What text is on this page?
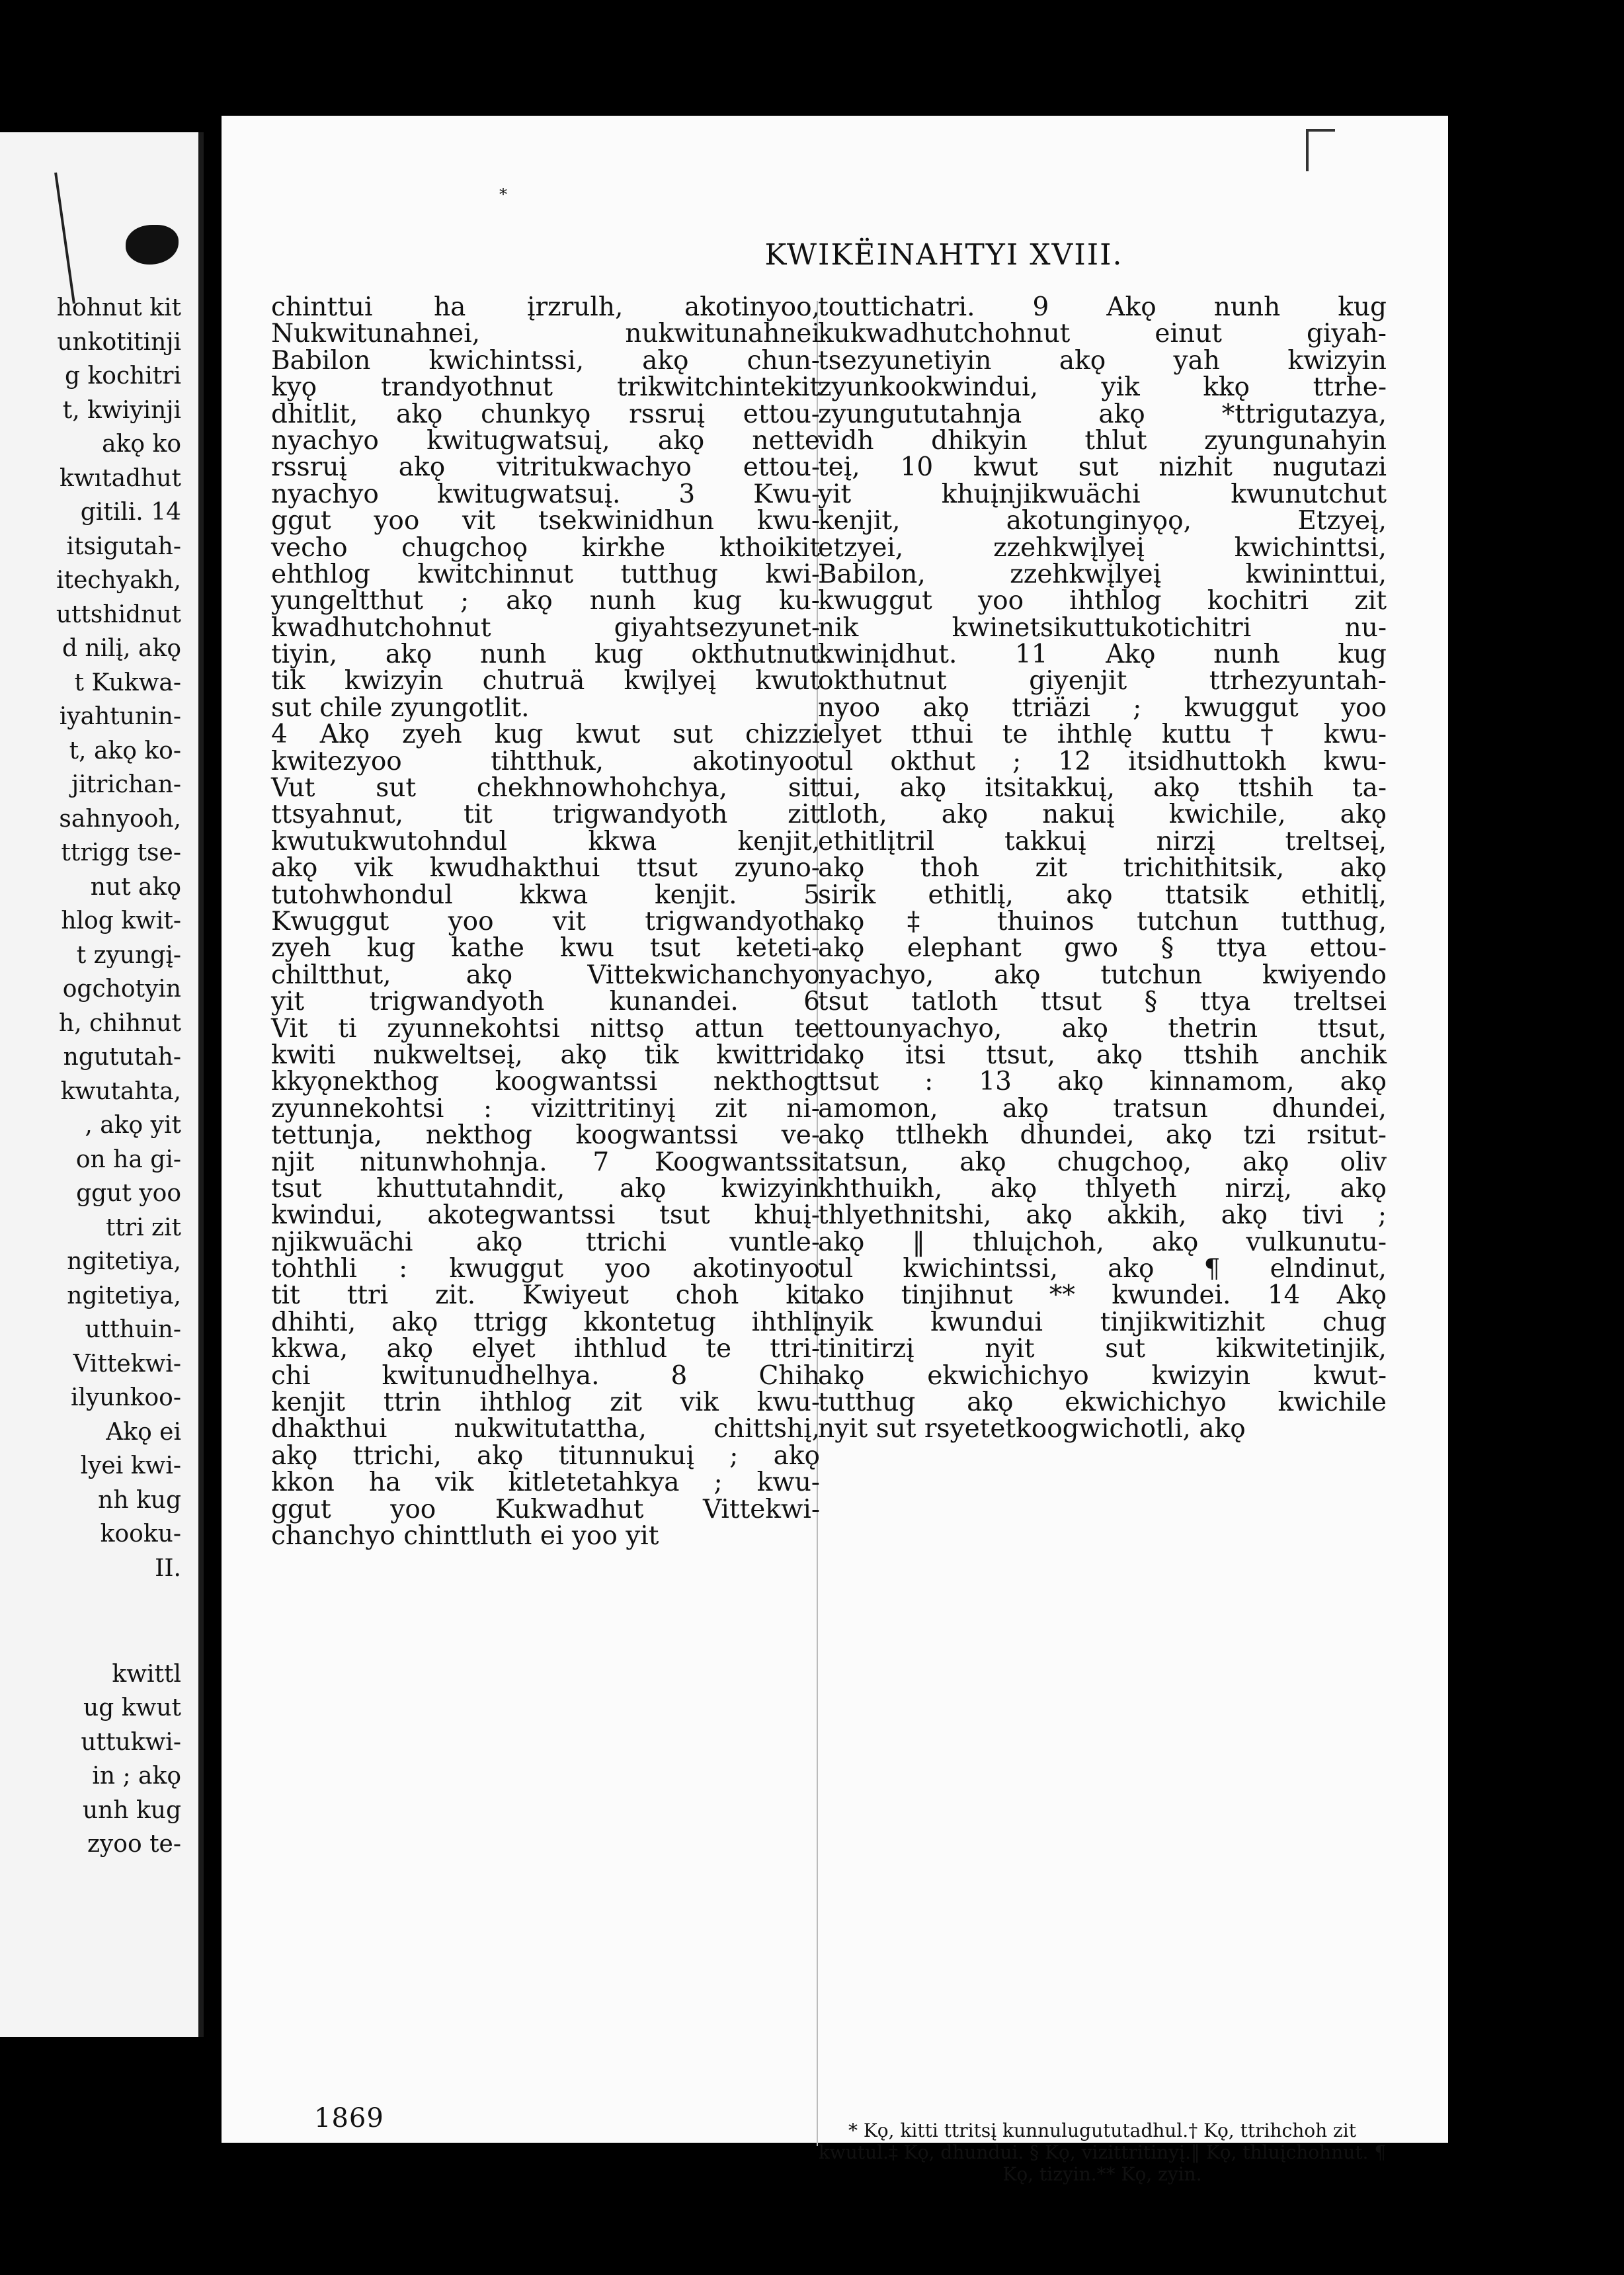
hohnut kit
unkotitinji
g kochitri
t, kwiyinji
akǫ ko
kwıtadhut
gitili. 14
itsigutah-
itechyakh,
uttshidnut
d nilį, akǫ
t Kukwa-
iyahtunin-
t, akǫ ko-
jitrichan-
sahnyooh,
ttrigg tse-
nut akǫ
hlog kwit-
t zyungį-
ogchotyin
h, chihnut
ngututah-
kwutahta,
, akǫ yit
on ha gi-
ggut yoo
ttri zit
ngitetiya,
ngitetiya,
utthuin-
Vittekwi-
ilyunkoo-
Akǫ ei
lyei kwi-
nh kug
kooku-
II.
kwittl
ug kwut
uttukwi-
in ; akǫ
unh kug
zyoo te-
*
KWIKËINAHTYI XVIII.
chinttui ha įrzrulh, akotinyoo,
Nukwitunahnei, nukwitunahnei
Babilon kwichintssi, akǫ chun-
kyǫ trandyothnut trikwitchintekit
dhitlit, akǫ chunkyǫ rssruį ettou-
nyachyo kwitugwatsuį, akǫ nette
rssruį akǫ vitritukwachyo ettou-
nyachyo kwitugwatsuį. 3 Kwu-
ggut yoo vit tsekwinidhun kwu-
vecho chugchoǫ kirkhe kthoikit
ehthlog kwitchinnut tutthug kwi-
yungeltthut ; akǫ nunh kug ku-
kwadhutchohnut giyahtsezyunet-
tiyin, akǫ nunh kug okthutnut
tik kwizyin chutruä kwįlyeį kwut
sut chile zyungotlit.
4 Akǫ zyeh kug kwut sut chizzi
kwitezyoo tihtthuk, akotinyoo
Vut sut chekhnowhohchya, sit
ttsyahnut, tit trigwandyoth zit
kwutukwutohndul kkwa kenjit,
akǫ vik kwudhakthui ttsut zyuno-
tutohwhondul kkwa kenjit. 5
Kwuggut yoo vit trigwandyoth
zyeh kug kathe kwu tsut keteti-
chiltthut, akǫ Vittekwichanchyo
yit trigwandyoth kunandei. 6
Vit ti zyunnekohtsi nittsǫ attun te
kwiti nukweltseį, akǫ tik kwittrid
kkyǫnekthog koogwantssi nekthog
zyunnekohtsi : vizittritinyį zit ni-
tettunja, nekthog koogwantssi ve-
njit nitunwhohnja. 7 Koogwantssi
tsut khuttutahndit, akǫ kwizyin
kwindui, akotegwantssi tsut khuį-
njikwuächi akǫ ttrichi vuntle-
tohthli : kwuggut yoo akotinyoo
tit ttri zit. Kwiyeut choh kit
dhihti, akǫ ttrigg kkontetug ihthlį
kkwa, akǫ elyet ihthlud te ttri-
chi kwitunudhelhya. 8 Chih
kenjit ttrin ihthlog zit vik kwu-
dhakthui nukwitutattha, chittshį,
akǫ ttrichi, akǫ titunnukuį ; akǫ
kkon ha vik kitletetahkya ; kwu-
ggut yoo Kukwadhut Vittekwi-
chanchyo chinttluth ei yoo yit
touttichatri. 9 Akǫ nunh kug
kukwadhutchohnut einut giyah-
tsezyunetiyin akǫ yah kwizyin
zyunkookwindui, yik kkǫ ttrhe-
zyungututahnja akǫ *ttrigutazya,
vidh dhikyin thlut zyungunahyin
teį, 10 kwut sut nizhit nugutazi
yit khuįnjikwuächi kwunutchut
kenjit, akotunginyǫǫ, Etzyeį,
etzyei, zzehkwįlyeį kwichinttsi,
Babilon, zzehkwįlyeį kwininttui,
kwuggut yoo ihthlog kochitri zit
nik kwinetsikuttukotichitri nu-
kwinįdhut. 11 Akǫ nunh kug
okthutnut giyenjit ttrhezyuntah-
nyoo akǫ ttriäzi ; kwuggut yoo
elyet tthui te ihthlę kuttu † kwu-
tul okthut ; 12 itsidhuttokh kwu-
tui, akǫ itsitakkuį, akǫ ttshih ta-
tloth, akǫ nakuį kwichile, akǫ
ethitlįtril takkuį nirzį treltseį,
akǫ thoh zit trichithitsik, akǫ
sirik ethitlį, akǫ ttatsik ethitlį,
akǫ ‡ thuinos tutchun tutthug,
akǫ elephant gwo § ttya ettou-
nyachyo, akǫ tutchun kwiyendo
tsut tatloth ttsut § ttya treltsei
ettounyachyo, akǫ thetrin ttsut,
akǫ itsi ttsut, akǫ ttshih anchik
ttsut : 13 akǫ kinnamom, akǫ
amomon, akǫ tratsun dhundei,
akǫ ttlhekh dhundei, akǫ tzi rsitut-
tatsun, akǫ chugchoǫ, akǫ oliv
khthuikh, akǫ thlyeth nirzį, akǫ
thlyethnitshi, akǫ akkih, akǫ tivi ;
akǫ ‖ thluįchoh, akǫ vulkunutu-
tul kwichintssi, akǫ ¶ elndinut,
ako tinjihnut ** kwundei. 14 Akǫ
nyik kwundui tinjikwitizhit chug
tinitirzį nyit sut kikwitetinjik,
akǫ ekwichichyo kwizyin kwut-
tutthug akǫ ekwichichyo kwichile
nyit sut rsyetetkoogwichotli, akǫ
* Kǫ, kitti ttritsį kunnulugututadhul.† Kǫ, ttrihchoh zit kwutul.‡ Kǫ, dhundui. § Kǫ, vizittritinyį.‖ Kǫ, thluįchohnut. ¶ Kǫ, tizyin.** Kǫ, zyin.
1869
